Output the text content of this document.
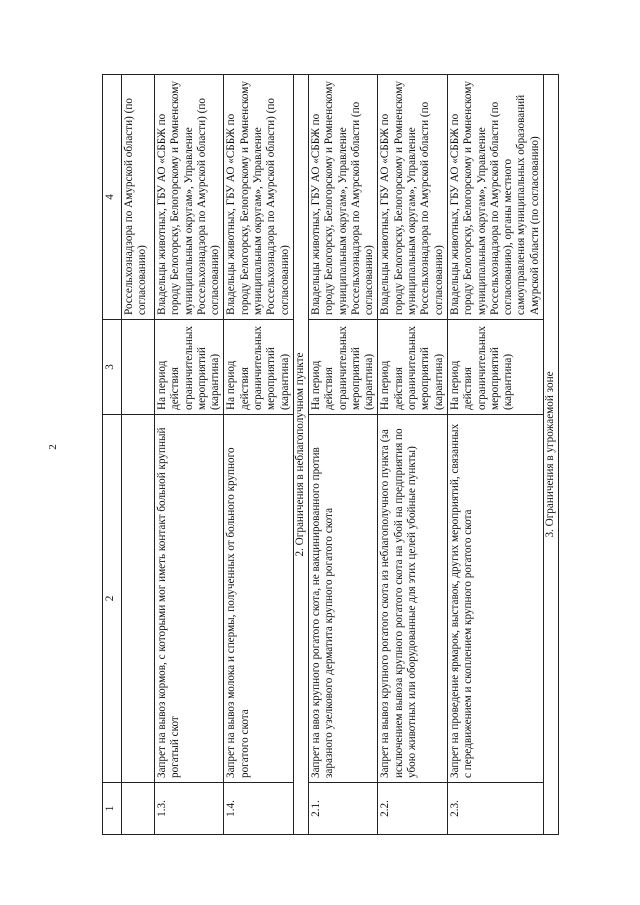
2
1	2	3	4
			Россельхознадзора по Амурской области) (по согласованию)
1.3.	Запрет на вывоз кормов, с которыми мог иметь контакт больной крупный рогатый скот	На период действия ограничительных мероприятий (карантина)	Владельцы животных, ГБУ АО «СББЖ по городу Белогорску, Белогорскому и Ромненскому муниципальным округам», Управление Россельхознадзора по Амурской области) (по согласованию)
1.4.	Запрет на вывоз молока и спермы, полученных от больного крупного рогатого скота	На период действия ограничительных мероприятий (карантина)	Владельцы животных, ГБУ АО «СББЖ по городу Белогорску, Белогорскому и Ромненскому муниципальным округам», Управление Россельхознадзора по Амурской области) (по согласованию)
2. Ограничения в неблагополучном пункте			
2.1.	Запрет на ввоз крупного рогатого скота, не вакцинированного против заразного узелкового дерматита крупного рогатого скота	На период действия ограничительных мероприятий (карантина)	Владельцы животных, ГБУ АО «СББЖ по городу Белогорску, Белогорскому и Ромненскому муниципальным округам», Управление Россельхознадзора по Амурской области (по согласованию)
2.2.	Запрет на вывоз крупного рогатого скота из неблагополучного пункта (за исключением вывоза крупного рогатого скота на убой на предприятия по убою животных или оборудованные для этих целей убойные пункты)	На период действия ограничительных мероприятий (карантина)	Владельцы животных, ГБУ АО «СББЖ по городу Белогорску, Белогорскому и Ромненскому муниципальным округам», Управление Россельхознадзора по Амурской области (по согласованию)
2.3.	Запрет на проведение ярмарок, выставок, других мероприятий, связанных с передвижением и скоплением крупного рогатого скота	На период действия ограничительных мероприятий (карантина)	Владельцы животных, ГБУ АО «СББЖ по городу Белогорску, Белогорскому и Ромненскому муниципальным округам», Управление Россельхознадзора по Амурской области (по согласованию), органы местного самоуправления муниципальных образований Амурской области (по согласованию)
3. Ограничения в угрожаемой зоне			
